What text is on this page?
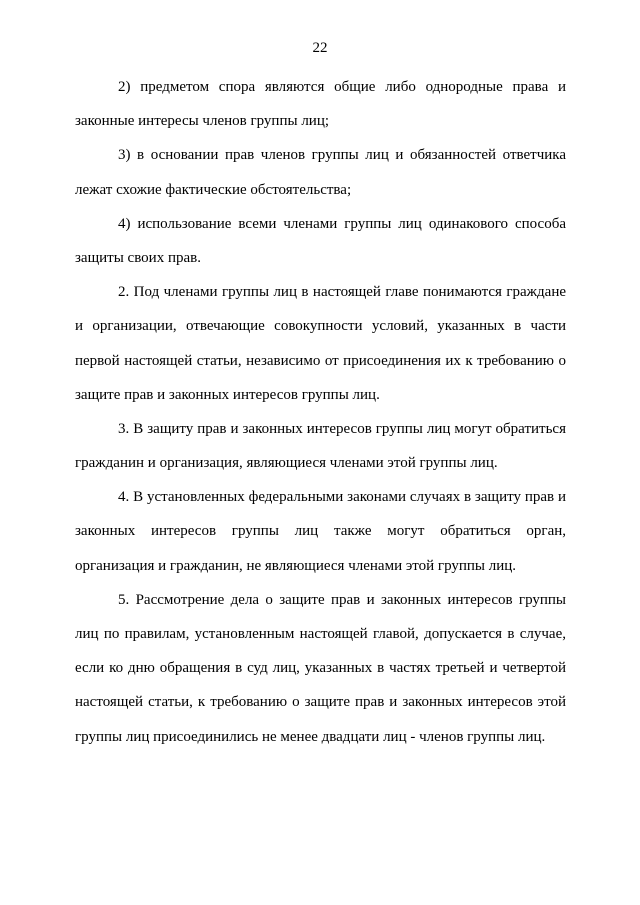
22
2) предметом спора являются общие либо однородные права и
законные интересы членов группы лиц;
3) в основании прав членов группы лиц и обязанностей ответчика
лежат схожие фактические обстоятельства;
4) использование всеми членами группы лиц одинакового способа
защиты своих прав.
2. Под членами группы лиц в настоящей главе понимаются граждане
и организации, отвечающие совокупности условий, указанных в части
первой настоящей статьи, независимо от присоединения их к требованию о
защите прав и законных интересов группы лиц.
3. В защиту прав и законных интересов группы лиц могут обратиться
гражданин и организация, являющиеся членами этой группы лиц.
4. В установленных федеральными законами случаях в защиту прав и
законных интересов группы лиц также могут обратиться орган,
организация и гражданин, не являющиеся членами этой группы лиц.
5. Рассмотрение дела о защите прав и законных интересов группы
лиц по правилам, установленным настоящей главой, допускается в случае,
если ко дню обращения в суд лиц, указанных в частях третьей и четвертой
настоящей статьи, к требованию о защите прав и законных интересов этой
группы лиц присоединились не менее двадцати лиц - членов группы лиц.
